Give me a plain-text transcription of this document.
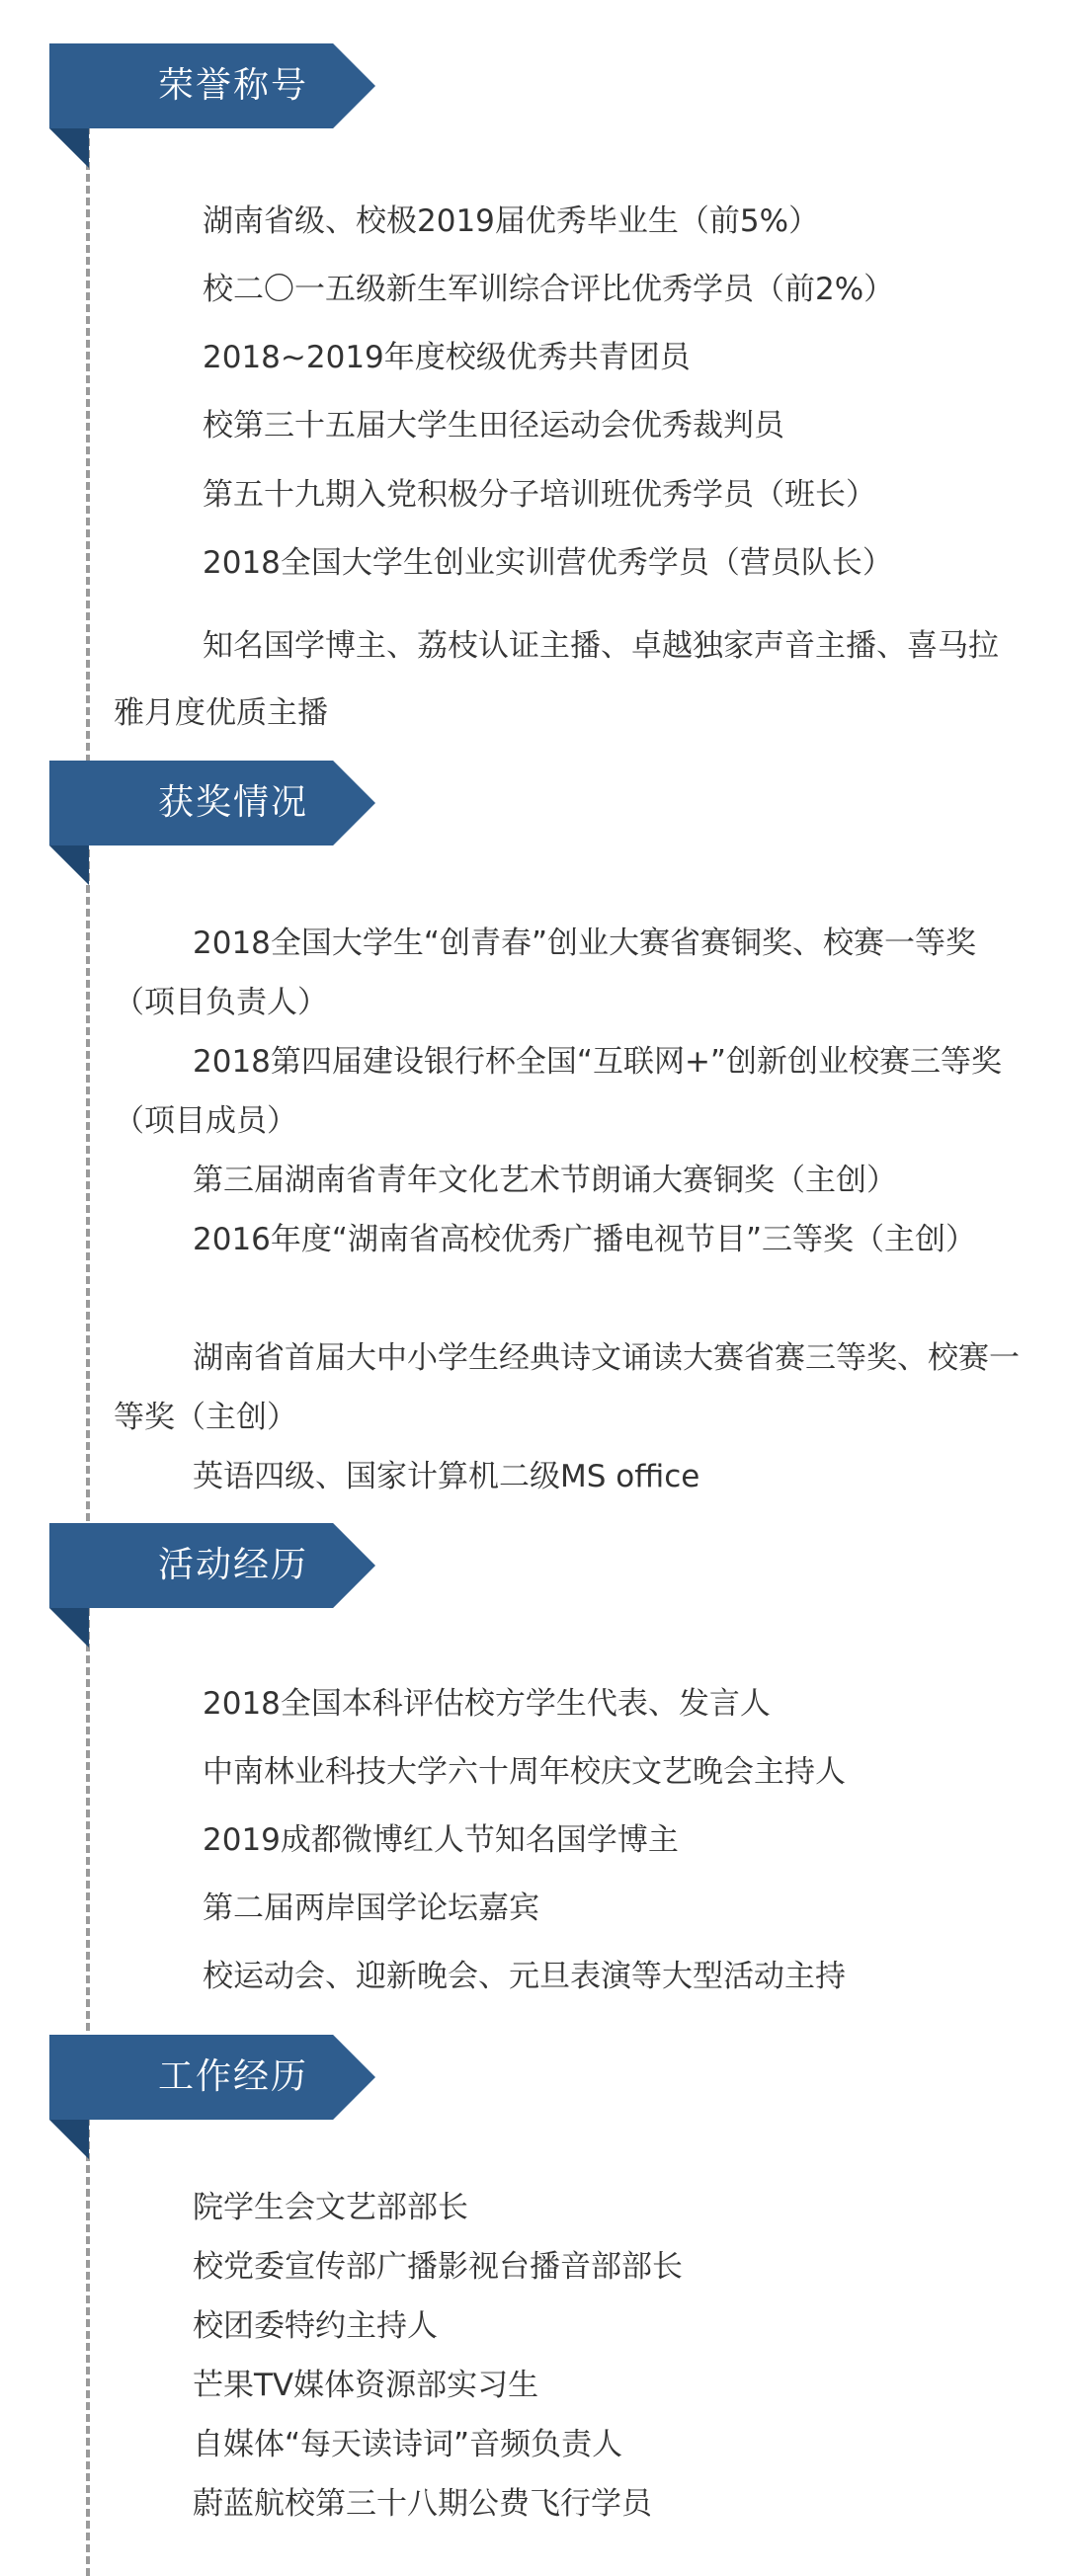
荣誉称号
湖南省级、校极2019届优秀毕业生（前5%）
校二〇一五级新生军训综合评比优秀学员（前2%）
2018~2019年度校级优秀共青团员
校第三十五届大学生田径运动会优秀裁判员
第五十九期入党积极分子培训班优秀学员（班长）
2018全国大学生创业实训营优秀学员（营员队长）
知名国学博主、荔枝认证主播、卓越独家声音主播、喜马拉雅月度优质主播
获奖情况
2018全国大学生“创青春”创业大赛省赛铜奖、校赛一等奖（项目负责人）
2018第四届建设银行杯全国“互联网+”创新创业校赛三等奖（项目成员）
第三届湖南省青年文化艺术节朗诵大赛铜奖（主创）
2016年度“湖南省高校优秀广播电视节目”三等奖（主创）
湖南省首届大中小学生经典诗文诵读大赛省赛三等奖、校赛一等奖（主创）
英语四级、国家计算机二级MS office
活动经历
2018全国本科评估校方学生代表、发言人
中南林业科技大学六十周年校庆文艺晚会主持人
2019成都微博红人节知名国学博主
第二届两岸国学论坛嘉宾
校运动会、迎新晚会、元旦表演等大型活动主持
工作经历
院学生会文艺部部长
校党委宣传部广播影视台播音部部长
校团委特约主持人
芒果TV媒体资源部实习生
自媒体“每天读诗词”音频负责人
蔚蓝航校第三十八期公费飞行学员
